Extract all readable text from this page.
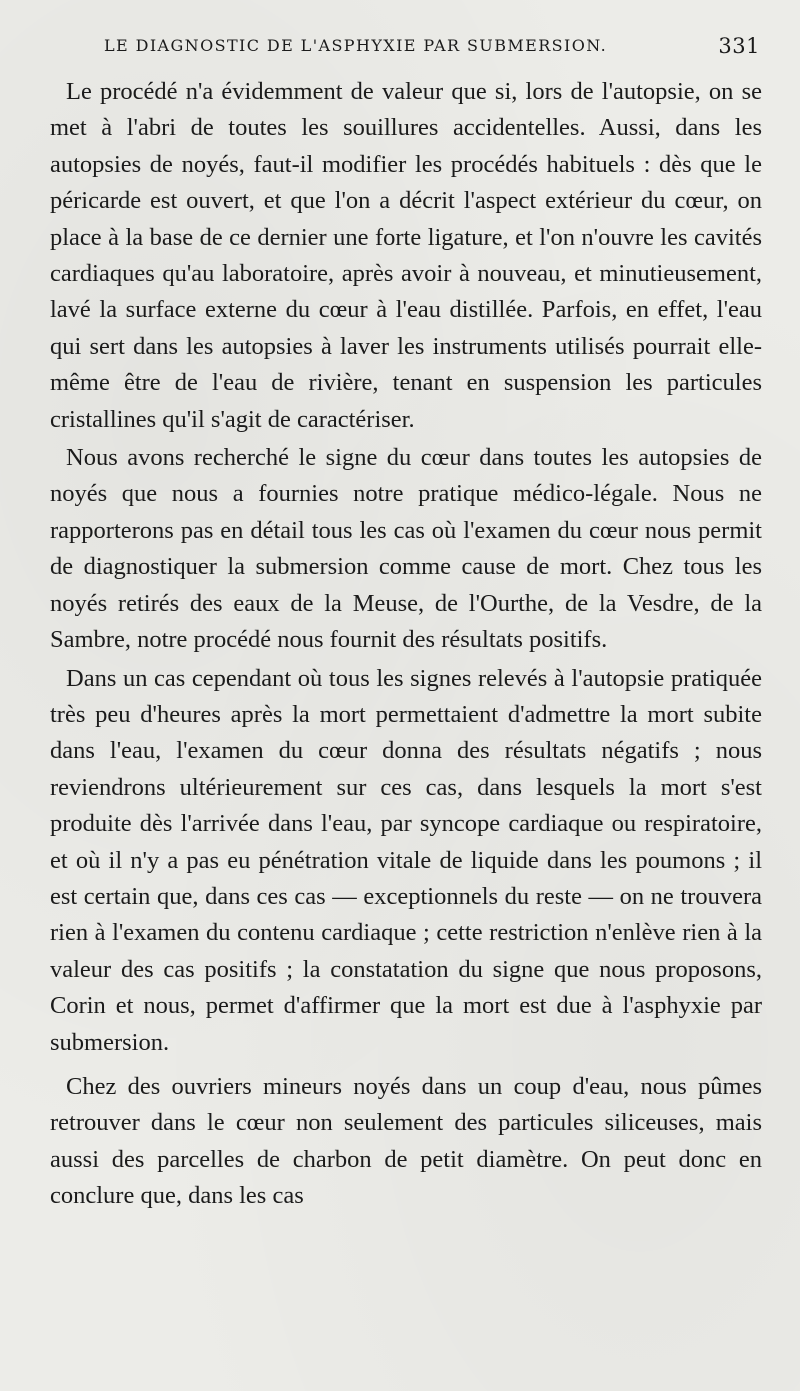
LE DIAGNOSTIC DE L'ASPHYXIE PAR SUBMERSION.	331

Le procédé n'a évidemment de valeur que si, lors de l'autopsie, on se met à l'abri de toutes les souillures accidentelles. Aussi, dans les autopsies de noyés, faut-il modifier les procédés habituels : dès que le péricarde est ouvert, et que l'on a décrit l'aspect extérieur du cœur, on place à la base de ce dernier une forte ligature, et l'on n'ouvre les cavités cardiaques qu'au laboratoire, après avoir à nouveau, et minutieusement, lavé la surface externe du cœur à l'eau distillée. Parfois, en effet, l'eau qui sert dans les autopsies à laver les instruments utilisés pourrait elle-même être de l'eau de rivière, tenant en suspension les particules cristallines qu'il s'agit de caractériser.

Nous avons recherché le signe du cœur dans toutes les autopsies de noyés que nous a fournies notre pratique médico-légale. Nous ne rapporterons pas en détail tous les cas où l'examen du cœur nous permit de diagnostiquer la submersion comme cause de mort. Chez tous les noyés retirés des eaux de la Meuse, de l'Ourthe, de la Vesdre, de la Sambre, notre procédé nous fournit des résultats positifs.

Dans un cas cependant où tous les signes relevés à l'autopsie pratiquée très peu d'heures après la mort permettaient d'admettre la mort subite dans l'eau, l'examen du cœur donna des résultats négatifs ; nous reviendrons ultérieurement sur ces cas, dans lesquels la mort s'est produite dès l'arrivée dans l'eau, par syncope cardiaque ou respiratoire, et où il n'y a pas eu pénétration vitale de liquide dans les poumons ; il est certain que, dans ces cas — exceptionnels du reste — on ne trouvera rien à l'examen du contenu cardiaque ; cette restriction n'enlève rien à la valeur des cas positifs ; la constatation du signe que nous proposons, Corin et nous, permet d'affirmer que la mort est due à l'asphyxie par submersion.

Chez des ouvriers mineurs noyés dans un coup d'eau, nous pûmes retrouver dans le cœur non seulement des particules siliceuses, mais aussi des parcelles de charbon de petit diamètre. On peut donc en conclure que, dans les cas
